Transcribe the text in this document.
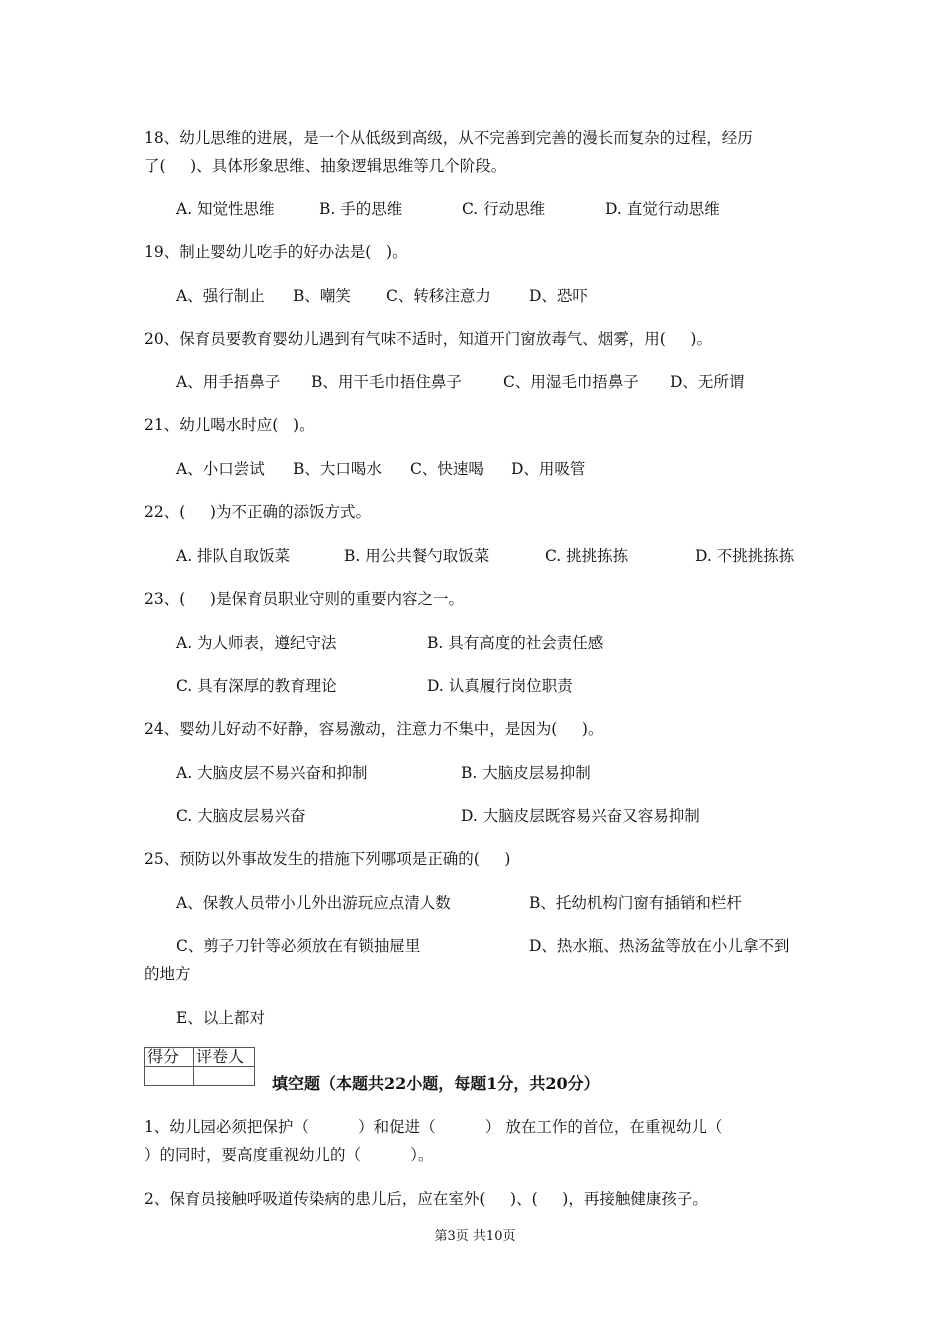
18、幼儿思维的进展，是一个从低级到高级，从不完善到完善的漫长而复杂的过程，经历
了(     )、具体形象思维、抽象逻辑思维等几个阶段。
A. 知觉性思维	B. 手的思维	C. 行动思维	D. 直觉行动思维
19、制止婴幼儿吃手的好办法是(   )。
A、强行制止 B、嘲笑 C、转移注意力 D、恐吓
20、保育员要教育婴幼儿遇到有气味不适时，知道开门窗放毒气、烟雾，用(     )。
A、用手捂鼻子 B、用干毛巾捂住鼻子	C、用湿毛巾捂鼻子 D、无所谓
21、幼儿喝水时应(   )。
A、小口尝试 B、大口喝水 C、快速喝 D、用吸管
22、(     )为不正确的添饭方式。
A. 排队自取饭菜	B. 用公共餐勺取饭菜	C. 挑挑拣拣	D. 不挑挑拣拣
23、(     )是保育员职业守则的重要内容之一。
A. 为人师表，遵纪守法	B. 具有高度的社会责任感
C. 具有深厚的教育理论	D. 认真履行岗位职责
24、婴幼儿好动不好静，容易激动，注意力不集中，是因为(     )。
A. 大脑皮层不易兴奋和抑制	B. 大脑皮层易抑制
C. 大脑皮层易兴奋	D. 大脑皮层既容易兴奋又容易抑制
25、预防以外事故发生的措施下列哪项是正确的(     )
A、保教人员带小儿外出游玩应点清人数	B、托幼机构门窗有插销和栏杆
C、剪子刀针等必须放在有锁抽屉里	D、热水瓶、热汤盆等放在小儿拿不到
的地方
E、以上都对
得分	评卷人

填空题（本题共22小题，每题1分，共20分）
1、幼儿园必须把保护（          ）和促进（          ） 放在工作的首位，在重视幼儿（
）的同时，要高度重视幼儿的（          ）。
2、保育员接触呼吸道传染病的患儿后，应在室外(     )、(     )，再接触健康孩子。
第3页 共10页
